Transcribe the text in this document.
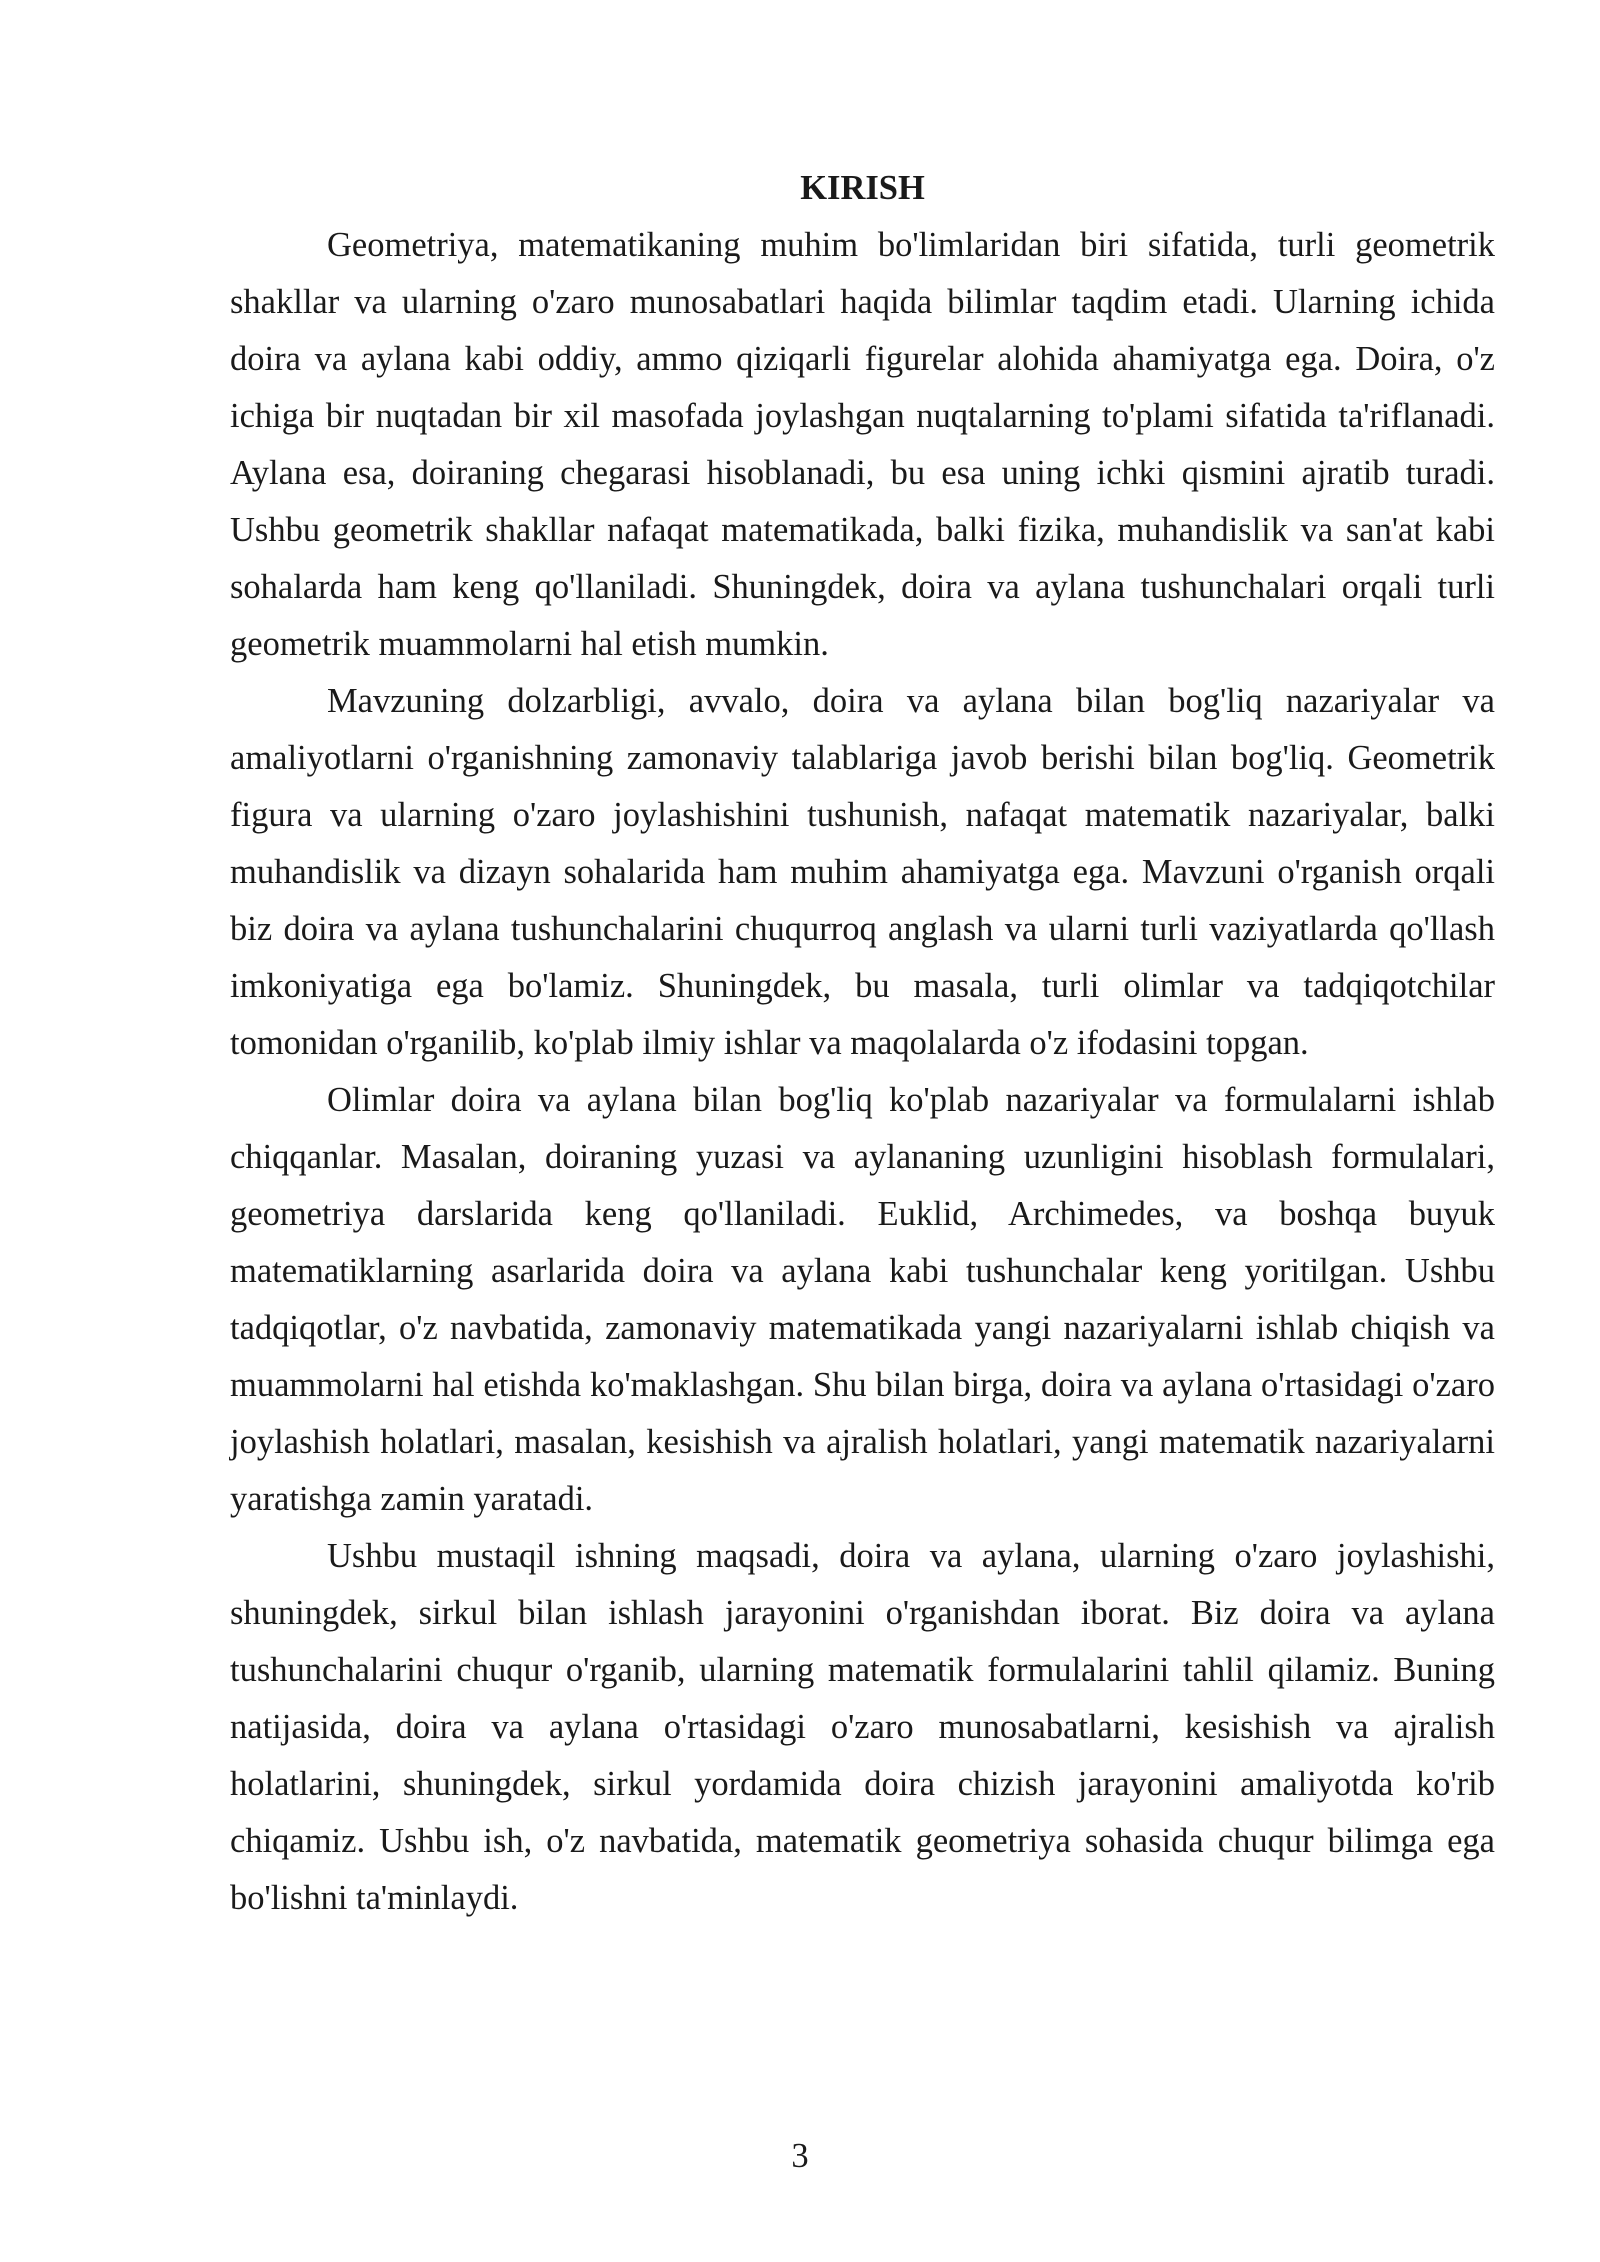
KIRISH

Geometriya, matematikaning muhim bo'limlaridan biri sifatida, turli geometrik shakllar va ularning o'zaro munosabatlari haqida bilimlar taqdim etadi. Ularning ichida doira va aylana kabi oddiy, ammo qiziqarli figurelar alohida ahamiyatga ega. Doira, o'z ichiga bir nuqtadan bir xil masofada joylashgan nuqtalarning to'plami sifatida ta'riflanadi. Aylana esa, doiraning chegarasi hisoblanadi, bu esa uning ichki qismini ajratib turadi. Ushbu geometrik shakllar nafaqat matematikada, balki fizika, muhandislik va san'at kabi sohalarda ham keng qo'llaniladi. Shuningdek, doira va aylana tushunchalari orqali turli geometrik muammolarni hal etish mumkin.

Mavzuning dolzarbligi, avvalo, doira va aylana bilan bog'liq nazariyalar va amaliyotlarni o'rganishning zamonaviy talablariga javob berishi bilan bog'liq. Geometrik figura va ularning o'zaro joylashishini tushunish, nafaqat matematik nazariyalar, balki muhandislik va dizayn sohalarida ham muhim ahamiyatga ega. Mavzuni o'rganish orqali biz doira va aylana tushunchalarini chuqurroq anglash va ularni turli vaziyatlarda qo'llash imkoniyatiga ega bo'lamiz. Shuningdek, bu masala, turli olimlar va tadqiqotchilar tomonidan o'rganilib, ko'plab ilmiy ishlar va maqolalarda o'z ifodasini topgan.

Olimlar doira va aylana bilan bog'liq ko'plab nazariyalar va formulalarni ishlab chiqqanlar. Masalan, doiraning yuzasi va aylananing uzunligini hisoblash formulalari, geometriya darslarida keng qo'llaniladi. Euklid, Archimedes, va boshqa buyuk matematiklarning asarlarida doira va aylana kabi tushunchalar keng yoritilgan. Ushbu tadqiqotlar, o'z navbatida, zamonaviy matematikada yangi nazariyalarni ishlab chiqish va muammolarni hal etishda ko'maklashgan. Shu bilan birga, doira va aylana o'rtasidagi o'zaro joylashish holatlari, masalan, kesishish va ajralish holatlari, yangi matematik nazariyalarni yaratishga zamin yaratadi.

Ushbu mustaqil ishning maqsadi, doira va aylana, ularning o'zaro joylashishi, shuningdek, sirkul bilan ishlash jarayonini o'rganishdan iborat. Biz doira va aylana tushunchalarini chuqur o'rganib, ularning matematik formulalarini tahlil qilamiz. Buning natijasida, doira va aylana o'rtasidagi o'zaro munosabatlarni, kesishish va ajralish holatlarini, shuningdek, sirkul yordamida doira chizish jarayonini amaliyotda ko'rib chiqamiz. Ushbu ish, o'z navbatida, matematik geometriya sohasida chuqur bilimga ega bo'lishni ta'minlaydi.

3
